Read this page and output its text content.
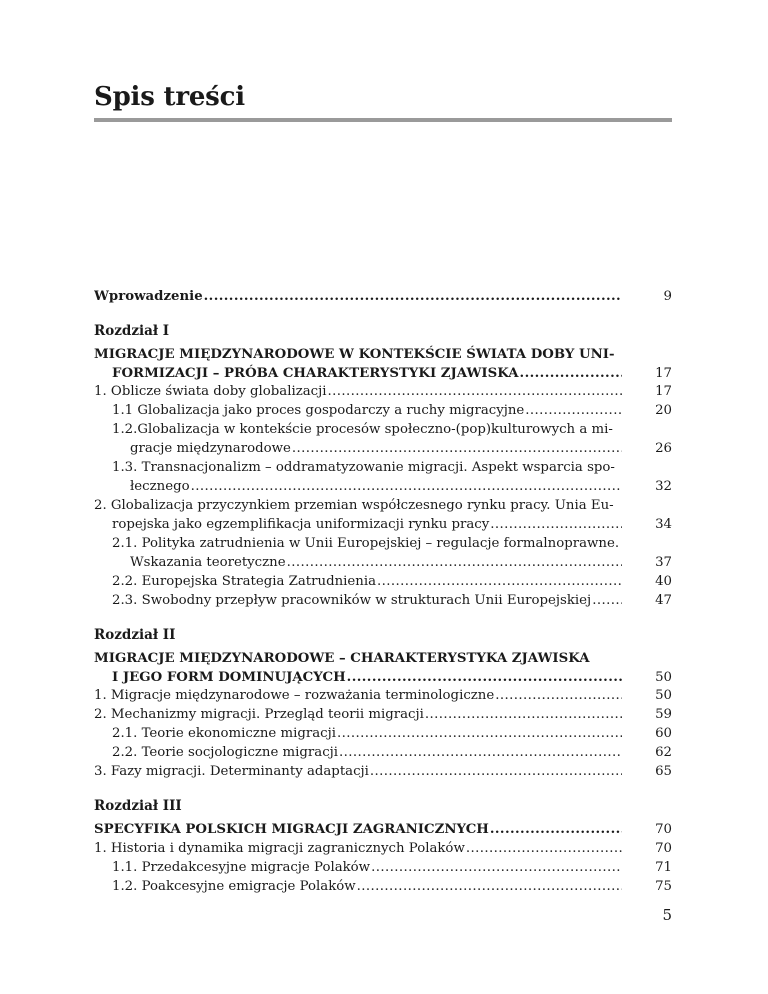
Spis treści
Wprowadzenie .....	9
Rozdział I
MIGRACJE MIĘDZYNARODOWE W KONTEKŚCIE ŚWIATA DOBY UNI-
FORMIZACJI – PRÓBA CHARAKTERYSTYKI ZJAWISKA .....	17
1. Oblicze świata doby globalizacji .....	17
1.1 Globalizacja jako proces gospodarczy a ruchy migracyjne .....	20
1.2.Globalizacja w kontekście procesów społeczno-(pop)kulturowych a mi-
gracje międzynarodowe .....	26
1.3. Transnacjonalizm – oddramatyzowanie migracji. Aspekt wsparcia spo-
łecznego .....	32
2. Globalizacja przyczynkiem przemian współczesnego rynku pracy. Unia Eu-
ropejska jako egzemplifikacja uniformizacji rynku pracy .....	34
2.1. Polityka zatrudnienia w Unii Europejskiej – regulacje formalnoprawne.
Wskazania teoretyczne .....	37
2.2. Europejska Strategia Zatrudnienia .....	40
2.3. Swobodny przepływ pracowników w strukturach Unii Europejskiej .....	47
Rozdział II
MIGRACJE MIĘDZYNARODOWE – CHARAKTERYSTYKA ZJAWISKA
I JEGO FORM DOMINUJĄCYCH .....	50
1. Migracje międzynarodowe – rozważania terminologiczne .....	50
2. Mechanizmy migracji. Przegląd teorii migracji .....	59
2.1. Teorie ekonomiczne migracji .....	60
2.2. Teorie socjologiczne migracji .....	62
3. Fazy migracji. Determinanty adaptacji .....	65
Rozdział III
SPECYFIKA POLSKICH MIGRACJI ZAGRANICZNYCH .....	70
1. Historia i dynamika migracji zagranicznych Polaków .....	70
1.1. Przedakcesyjne migracje Polaków .....	71
1.2. Poakcesyjne emigracje Polaków .....	75
5
